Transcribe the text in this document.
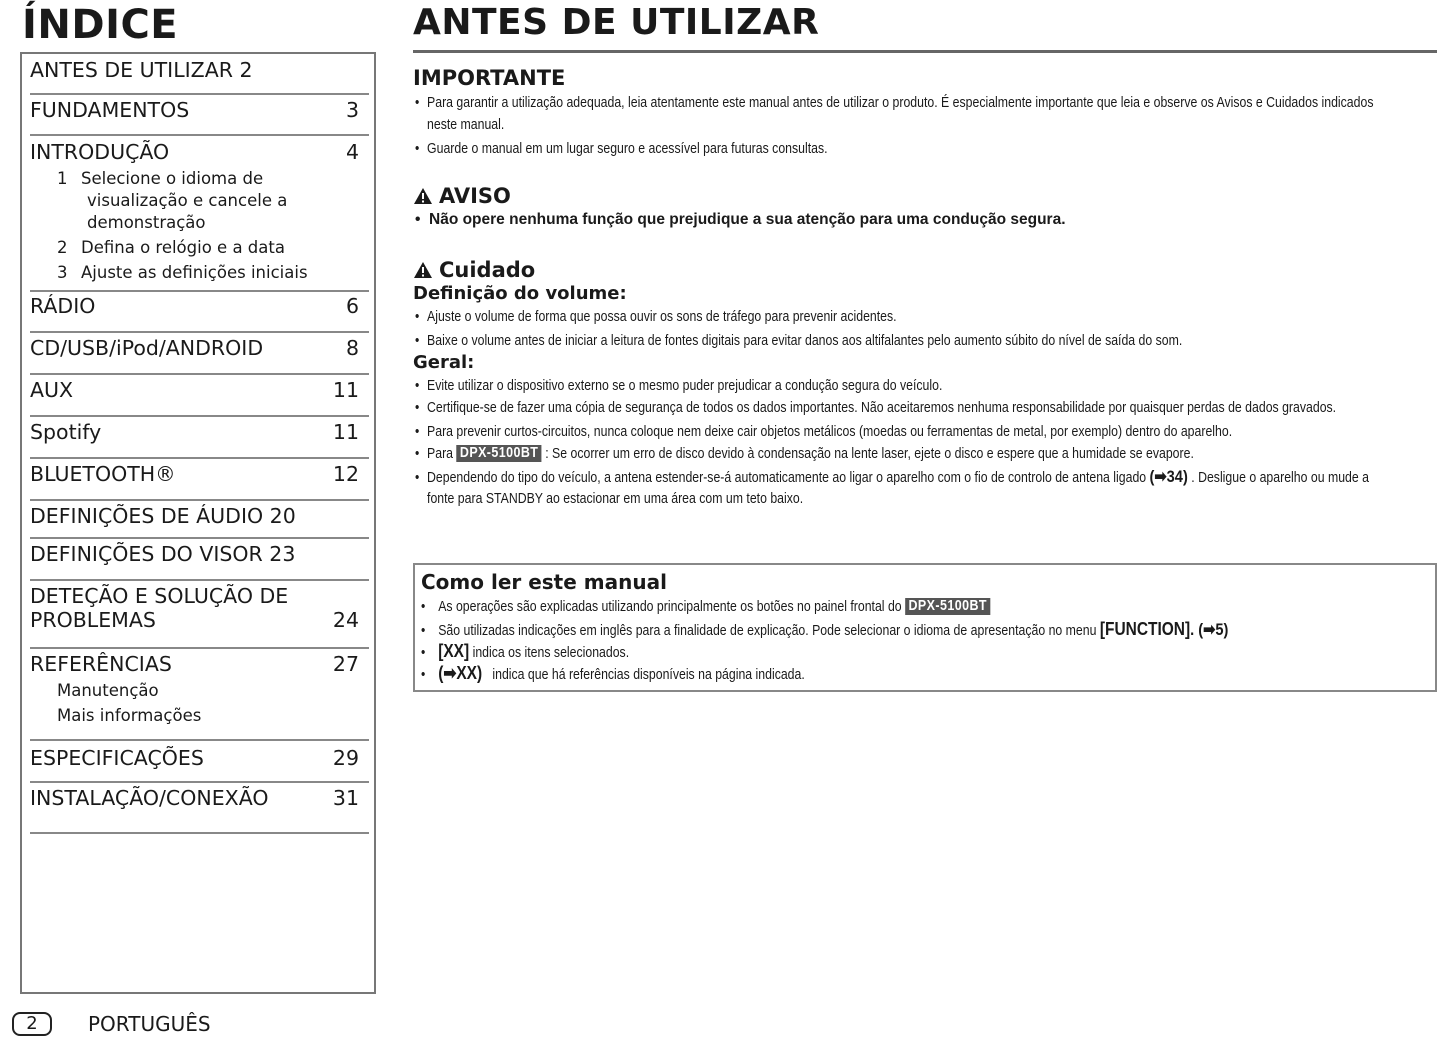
ÍNDICE
ANTES DE UTILIZAR 2
FUNDAMENTOS	3
INTRODUÇÃO	4
1 Selecione o idioma de
visualização e cancele a
demonstração
2 Defina o relógio e a data
3 Ajuste as definições iniciais
RÁDIO	6
CD/USB/iPod/ANDROID	8
AUX	11
Spotify	11
BLUETOOTH®	12
DEFINIÇÕES DE ÁUDIO 20
DEFINIÇÕES DO VISOR 23
DETEÇÃO E SOLUÇÃO DE
PROBLEMAS	24
REFERÊNCIAS	27
Manutenção
Mais informações
ESPECIFICAÇÕES	29
INSTALAÇÃO/CONEXÃO	31
ANTES DE UTILIZAR
IMPORTANTE
• Para garantir a utilização adequada, leia atentamente este manual antes de utilizar o produto. É especialmente importante que leia e observe os Avisos e Cuidados indicados
neste manual.
• Guarde o manual em um lugar seguro e acessível para futuras consultas.
AVISO
• Não opere nenhuma função que prejudique a sua atenção para uma condução segura.
Cuidado
Definição do volume:
• Ajuste o volume de forma que possa ouvir os sons de tráfego para prevenir acidentes.
• Baixe o volume antes de iniciar a leitura de fontes digitais para evitar danos aos altifalantes pelo aumento súbito do nível de saída do som.
Geral:
• Evite utilizar o dispositivo externo se o mesmo puder prejudicar a condução segura do veículo.
• Certifique-se de fazer uma cópia de segurança de todos os dados importantes. Não aceitaremos nenhuma responsabilidade por quaisquer perdas de dados gravados.
• Para prevenir curtos-circuitos, nunca coloque nem deixe cair objetos metálicos (moedas ou ferramentas de metal, por exemplo) dentro do aparelho.
• Para DPX-5100BT : Se ocorrer um erro de disco devido à condensação na lente laser, ejete o disco e espere que a humidade se evapore.
• Dependendo do tipo do veículo, a antena estender-se-á automaticamente ao ligar o aparelho com o fio de controlo de antena ligado (➡34) . Desligue o aparelho ou mude a
fonte para STANDBY ao estacionar em uma área com um teto baixo.
Como ler este manual
• As operações são explicadas utilizando principalmente os botões no painel frontal do DPX-5100BT
• São utilizadas indicações em inglês para a finalidade de explicação. Pode selecionar o idioma de apresentação no menu [FUNCTION]. (➡5)
• [XX] indica os itens selecionados.
• (➡XX) indica que há referências disponíveis na página indicada.
2	PORTUGUÊS
